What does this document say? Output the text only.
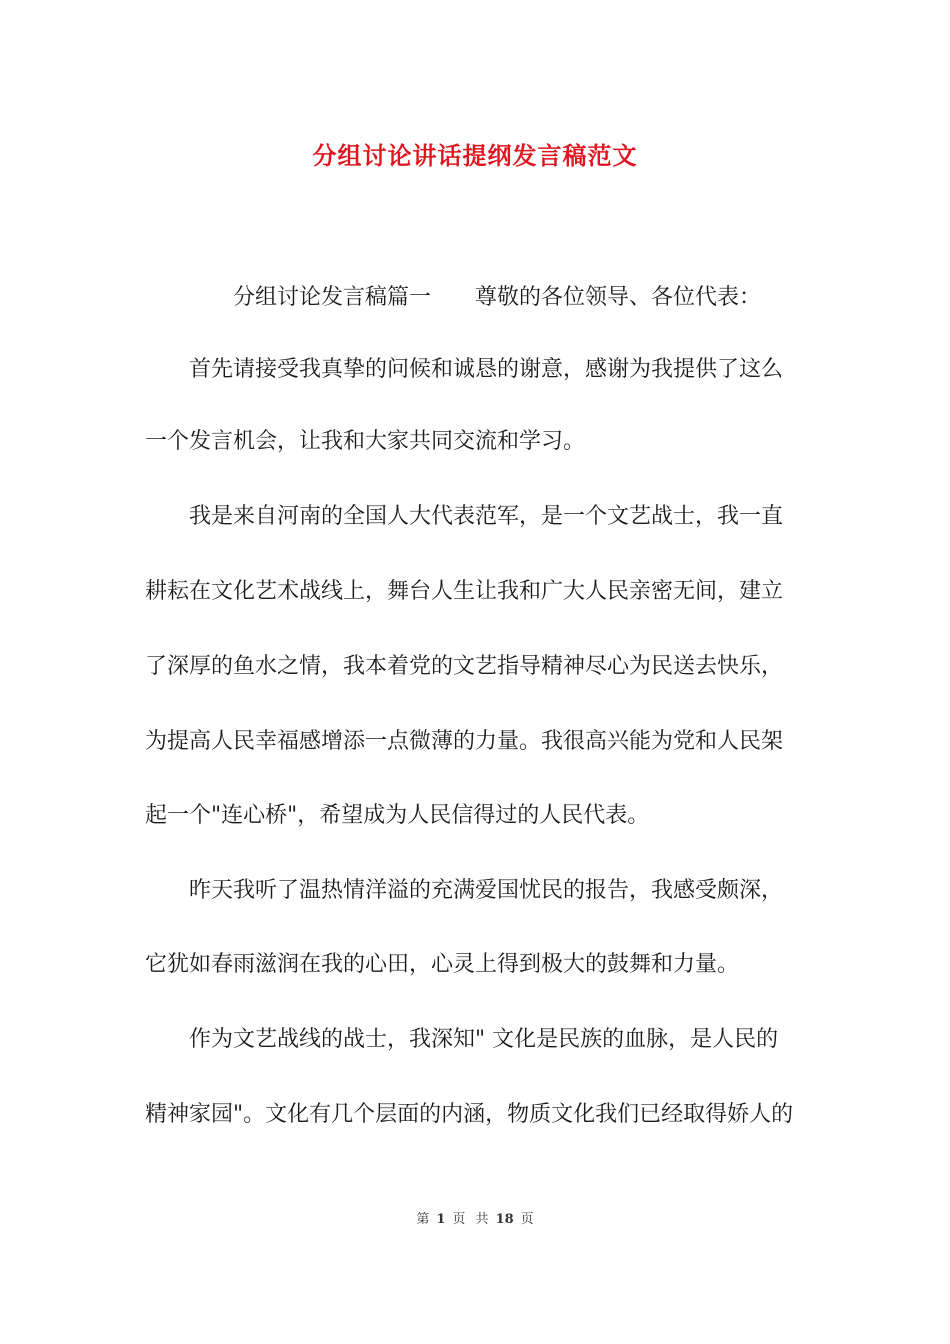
分组讨论讲话提纲发言稿范文
分组讨论发言稿篇一　　尊敬的各位领导、各位代表：
首先请接受我真挚的问候和诚恳的谢意，感谢为我提供了这么
一个发言机会，让我和大家共同交流和学习。
我是来自河南的全国人大代表范军，是一个文艺战士，我一直
耕耘在文化艺术战线上，舞台人生让我和广大人民亲密无间，建立
了深厚的鱼水之情，我本着党的文艺指导精神尽心为民送去快乐，
为提高人民幸福感增添一点微薄的力量。我很高兴能为党和人民架
起一个"连心桥"，希望成为人民信得过的人民代表。
昨天我听了温热情洋溢的充满爱国忧民的报告，我感受颇深，
它犹如春雨滋润在我的心田，心灵上得到极大的鼓舞和力量。
作为文艺战线的战士，我深知" 文化是民族的血脉，是人民的
精神家园"。文化有几个层面的内涵，物质文化我们已经取得娇人的
第 1 页 共 18 页
